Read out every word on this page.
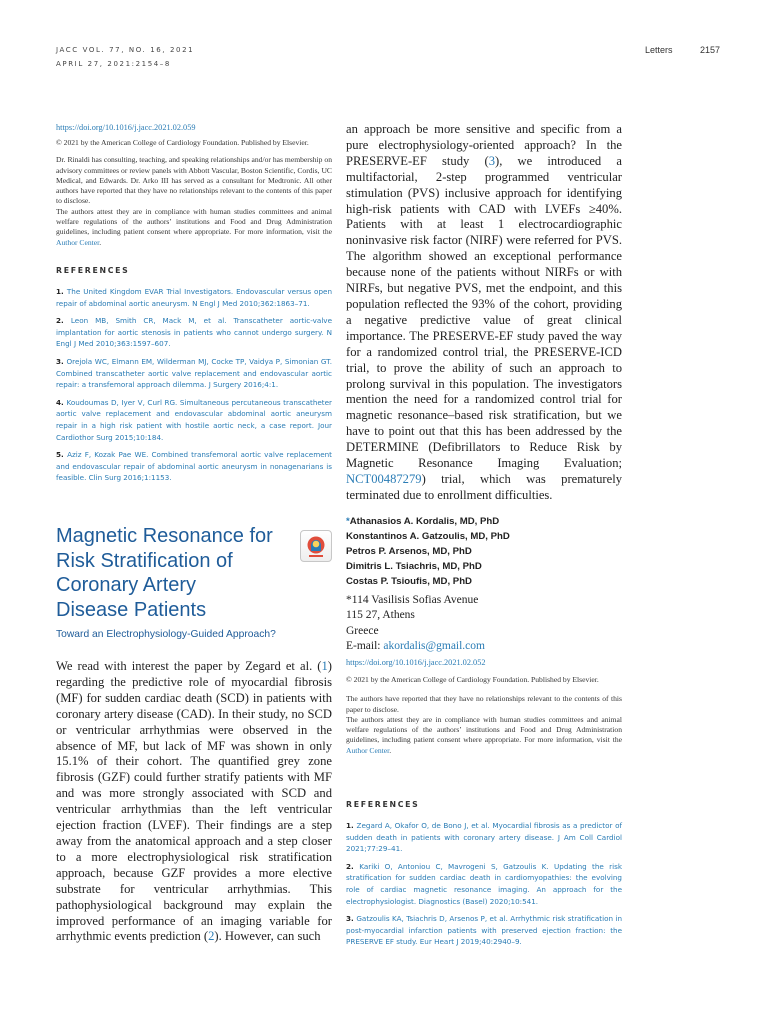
JACC VOL. 77, NO. 16, 2021
APRIL 27, 2021:2154–8
Letters	2157
https://doi.org/10.1016/j.jacc.2021.02.059
© 2021 by the American College of Cardiology Foundation. Published by Elsevier.
Dr. Rinaldi has consulting, teaching, and speaking relationships and/or has membership on advisory committees or review panels with Abbott Vascular, Boston Scientific, Cordis, UC Medical, and Edwards. Dr. Arko III has served as a consultant for Medtronic. All other authors have reported that they have no relationships relevant to the contents of this paper to disclose.
The authors attest they are in compliance with human studies committees and animal welfare regulations of the authors’ institutions and Food and Drug Administration guidelines, including patient consent where appropriate. For more information, visit the Author Center.
REFERENCES

1. The United Kingdom EVAR Trial Investigators. Endovascular versus open repair of abdominal aortic aneurysm. N Engl J Med 2010;362:1863–71.

2. Leon MB, Smith CR, Mack M, et al. Transcatheter aortic-valve implantation for aortic stenosis in patients who cannot undergo surgery. N Engl J Med 2010;363:1597–607.

3. Orejola WC, Elmann EM, Wilderman MJ, Cocke TP, Vaidya P, Simonian GT. Combined transcatheter aortic valve replacement and endovascular aortic repair: a transfemoral approach dilemma. J Surgery 2016;4:1.

4. Koudoumas D, Iyer V, Curl RG. Simultaneous percutaneous transcatheter aortic valve replacement and endovascular abdominal aortic aneurysm repair in a high risk patient with hostile aortic neck, a case report. Jour Cardiothor Surg 2015;10:184.

5. Aziz F, Kozak Pae WE. Combined transfemoral aortic valve replacement and endovascular repair of abdominal aortic aneurysm in nonagenarians is feasible. Clin Surg 2016;1:1153.

Magnetic Resonance for
Risk Stratification of
Coronary Artery
Disease Patients
Toward an Electrophysiology-Guided Approach?

We read with interest the paper by Zegard et al. (1) regarding the predictive role of myocardial fibrosis (MF) for sudden cardiac death (SCD) in patients with coronary artery disease (CAD). In their study, no SCD or ventricular arrhythmias were observed in the absence of MF, but lack of MF was shown in only 15.1% of their cohort. The quantified grey zone fibrosis (GZF) could further stratify patients with MF and was more strongly associated with SCD and ventricular arrhythmias than the left ventricular ejection fraction (LVEF). Their findings are a step away from the anatomical approach and a step closer to a more electrophysiological risk stratification approach, because GZF provides a more elective substrate for ventricular arrhythmias. This pathophysiological background may explain the improved performance of an imaging variable for arrhythmic events prediction (2). However, can such

an approach be more sensitive and specific from a pure electrophysiology-oriented approach? In the PRESERVE-EF study (3), we introduced a multifactorial, 2-step programmed ventricular stimulation (PVS) inclusive approach for identifying high-risk patients with CAD with LVEFs ≥40%. Patients with at least 1 electrocardiographic noninvasive risk factor (NIRF) were referred for PVS. The algorithm showed an exceptional performance because none of the patients without NIRFs or with NIRFs, but negative PVS, met the endpoint, and this population reflected the 93% of the cohort, providing a negative predictive value of great clinical importance. The PRESERVE-EF study paved the way for a randomized control trial, the PRESERVE-ICD trial, to prove the ability of such an approach to prolong survival in this population. The investigators mention the need for a randomized control trial for magnetic resonance–based risk stratification, but we have to point out that this has been addressed by the DETERMINE (Defibrillators to Reduce Risk by Magnetic Resonance Imaging Evaluation; NCT00487279) trial, which was prematurely terminated due to enrollment difficulties.

*Athanasios A. Kordalis, MD, PhD
Konstantinos A. Gatzoulis, MD, PhD
Petros P. Arsenos, MD, PhD
Dimitris L. Tsiachris, MD, PhD
Costas P. Tsioufis, MD, PhD
*114 Vasilisis Sofias Avenue
115 27, Athens
Greece
E-mail: akordalis@gmail.com
https://doi.org/10.1016/j.jacc.2021.02.052
© 2021 by the American College of Cardiology Foundation. Published by Elsevier.
The authors have reported that they have no relationships relevant to the contents of this paper to disclose.
The authors attest they are in compliance with human studies committees and animal welfare regulations of the authors’ institutions and Food and Drug Administration guidelines, including patient consent where appropriate. For more information, visit the Author Center.
REFERENCES

1. Zegard A, Okafor O, de Bono J, et al. Myocardial fibrosis as a predictor of sudden death in patients with coronary artery disease. J Am Coll Cardiol 2021;77:29–41.

2. Kariki O, Antoniou C, Mavrogeni S, Gatzoulis K. Updating the risk stratification for sudden cardiac death in cardiomyopathies: the evolving role of cardiac magnetic resonance imaging. An approach for the electrophysiologist. Diagnostics (Basel) 2020;10:541.

3. Gatzoulis KA, Tsiachris D, Arsenos P, et al. Arrhythmic risk stratification in post-myocardial infarction patients with preserved ejection fraction: the PRESERVE EF study. Eur Heart J 2019;40:2940–9.
